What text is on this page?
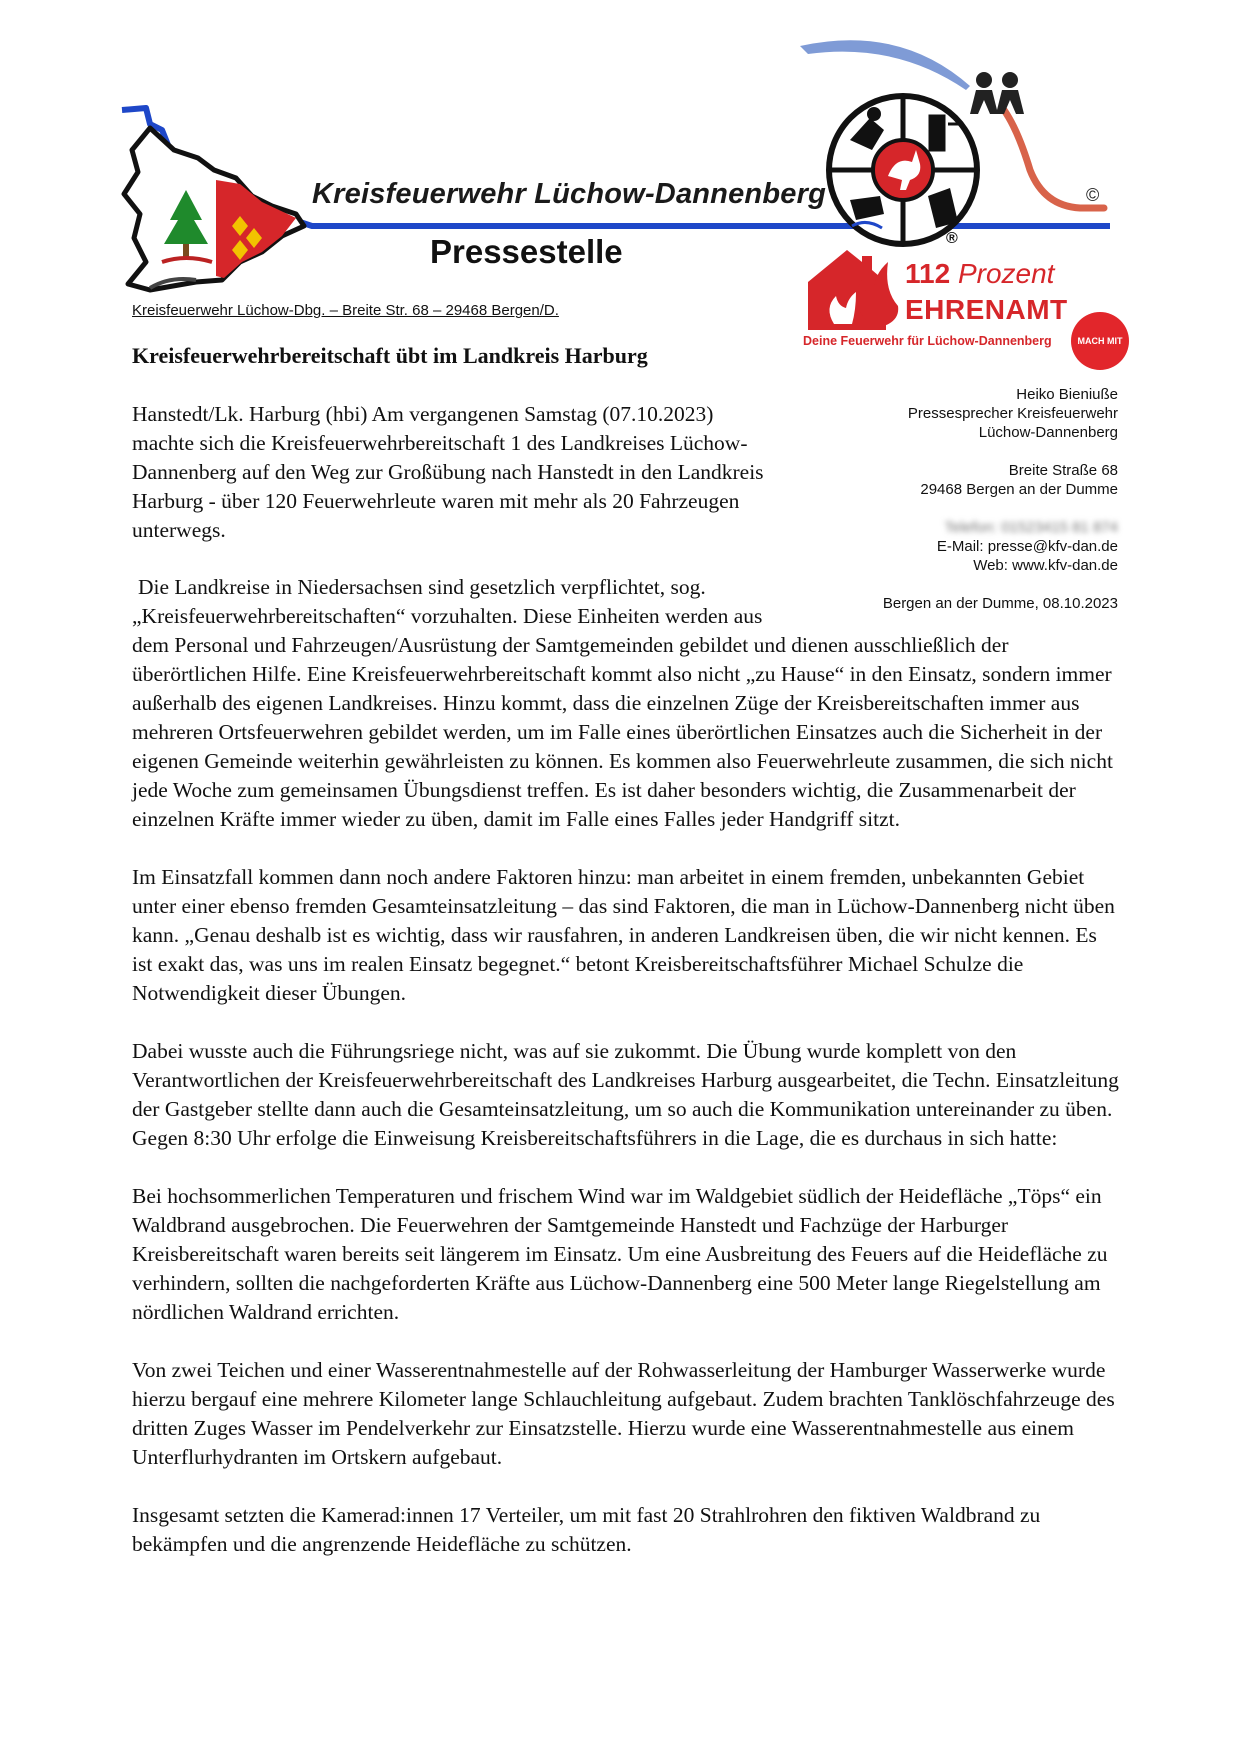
Kreisfeuerwehr Lüchow-Dannenberg
Pressestelle
©
®
Kreisfeuerwehr Lüchow-Dbg. – Breite Str. 68 – 29468 Bergen/D.
112 Prozent
EHRENAMT
Deine Feuerwehr für Lüchow-Dannenberg	MACH MIT
Heiko Bieniuße
Pressesprecher Kreisfeuerwehr
Lüchow-Dannenberg
Breite Straße 68
29468 Bergen an der Dumme
Telefon: 01523415 81 874
E-Mail: presse@kfv-dan.de
Web: www.kfv-dan.de
Bergen an der Dumme, 08.10.2023
Kreisfeuerwehrbereitschaft übt im Landkreis Harburg
Hanstedt/Lk. Harburg (hbi) Am vergangenen Samstag (07.10.2023) machte sich die Kreisfeuerwehrbereitschaft 1 des Landkreises Lüchow-Dannenberg auf den Weg zur Großübung nach Hanstedt in den Landkreis Harburg - über 120 Feuerwehrleute waren mit mehr als 20 Fahrzeugen unterwegs.

Die Landkreise in Niedersachsen sind gesetzlich verpflichtet, sog. „Kreisfeuerwehrbereitschaften“ vorzuhalten. Diese Einheiten werden aus dem Personal und Fahrzeugen/Ausrüstung der Samtgemeinden gebildet und dienen ausschließlich der überörtlichen Hilfe. Eine Kreisfeuerwehrbereitschaft kommt also nicht „zu Hause“ in den Einsatz, sondern immer außerhalb des eigenen Landkreises. Hinzu kommt, dass die einzelnen Züge der Kreisbereitschaften immer aus mehreren Ortsfeuerwehren gebildet werden, um im Falle eines überörtlichen Einsatzes auch die Sicherheit in der eigenen Gemeinde weiterhin gewährleisten zu können. Es kommen also Feuerwehrleute zusammen, die sich nicht jede Woche zum gemeinsamen Übungsdienst treffen. Es ist daher besonders wichtig, die Zusammenarbeit der einzelnen Kräfte immer wieder zu üben, damit im Falle eines Falles jeder Handgriff sitzt.

Im Einsatzfall kommen dann noch andere Faktoren hinzu: man arbeitet in einem fremden, unbekannten Gebiet unter einer ebenso fremden Gesamteinsatzleitung – das sind Faktoren, die man in Lüchow-Dannenberg nicht üben kann. „Genau deshalb ist es wichtig, dass wir rausfahren, in anderen Landkreisen üben, die wir nicht kennen. Es ist exakt das, was uns im realen Einsatz begegnet.“ betont Kreisbereitschaftsführer Michael Schulze die Notwendigkeit dieser Übungen.

Dabei wusste auch die Führungsriege nicht, was auf sie zukommt. Die Übung wurde komplett von den Verantwortlichen der Kreisfeuerwehrbereitschaft des Landkreises Harburg ausgearbeitet, die Techn. Einsatzleitung der Gastgeber stellte dann auch die Gesamteinsatzleitung, um so auch die Kommunikation untereinander zu üben. Gegen 8:30 Uhr erfolge die Einweisung Kreisbereitschaftsführers in die Lage, die es durchaus in sich hatte:

Bei hochsommerlichen Temperaturen und frischem Wind war im Waldgebiet südlich der Heidefläche „Töps“ ein Waldbrand ausgebrochen. Die Feuerwehren der Samtgemeinde Hanstedt und Fachzüge der Harburger Kreisbereitschaft waren bereits seit längerem im Einsatz. Um eine Ausbreitung des Feuers auf die Heidefläche zu verhindern, sollten die nachgeforderten Kräfte aus Lüchow-Dannenberg eine 500 Meter lange Riegelstellung am nördlichen Waldrand errichten.

Von zwei Teichen und einer Wasserentnahmestelle auf der Rohwasserleitung der Hamburger Wasserwerke wurde hierzu bergauf eine mehrere Kilometer lange Schlauchleitung aufgebaut. Zudem brachten Tanklöschfahrzeuge des dritten Zuges Wasser im Pendelverkehr zur Einsatzstelle. Hierzu wurde eine Wasserentnahmestelle aus einem Unterflurhydranten im Ortskern aufgebaut.

Insgesamt setzten die Kamerad:innen 17 Verteiler, um mit fast 20 Strahlrohren den fiktiven Waldbrand zu bekämpfen und die angrenzende Heidefläche zu schützen.
